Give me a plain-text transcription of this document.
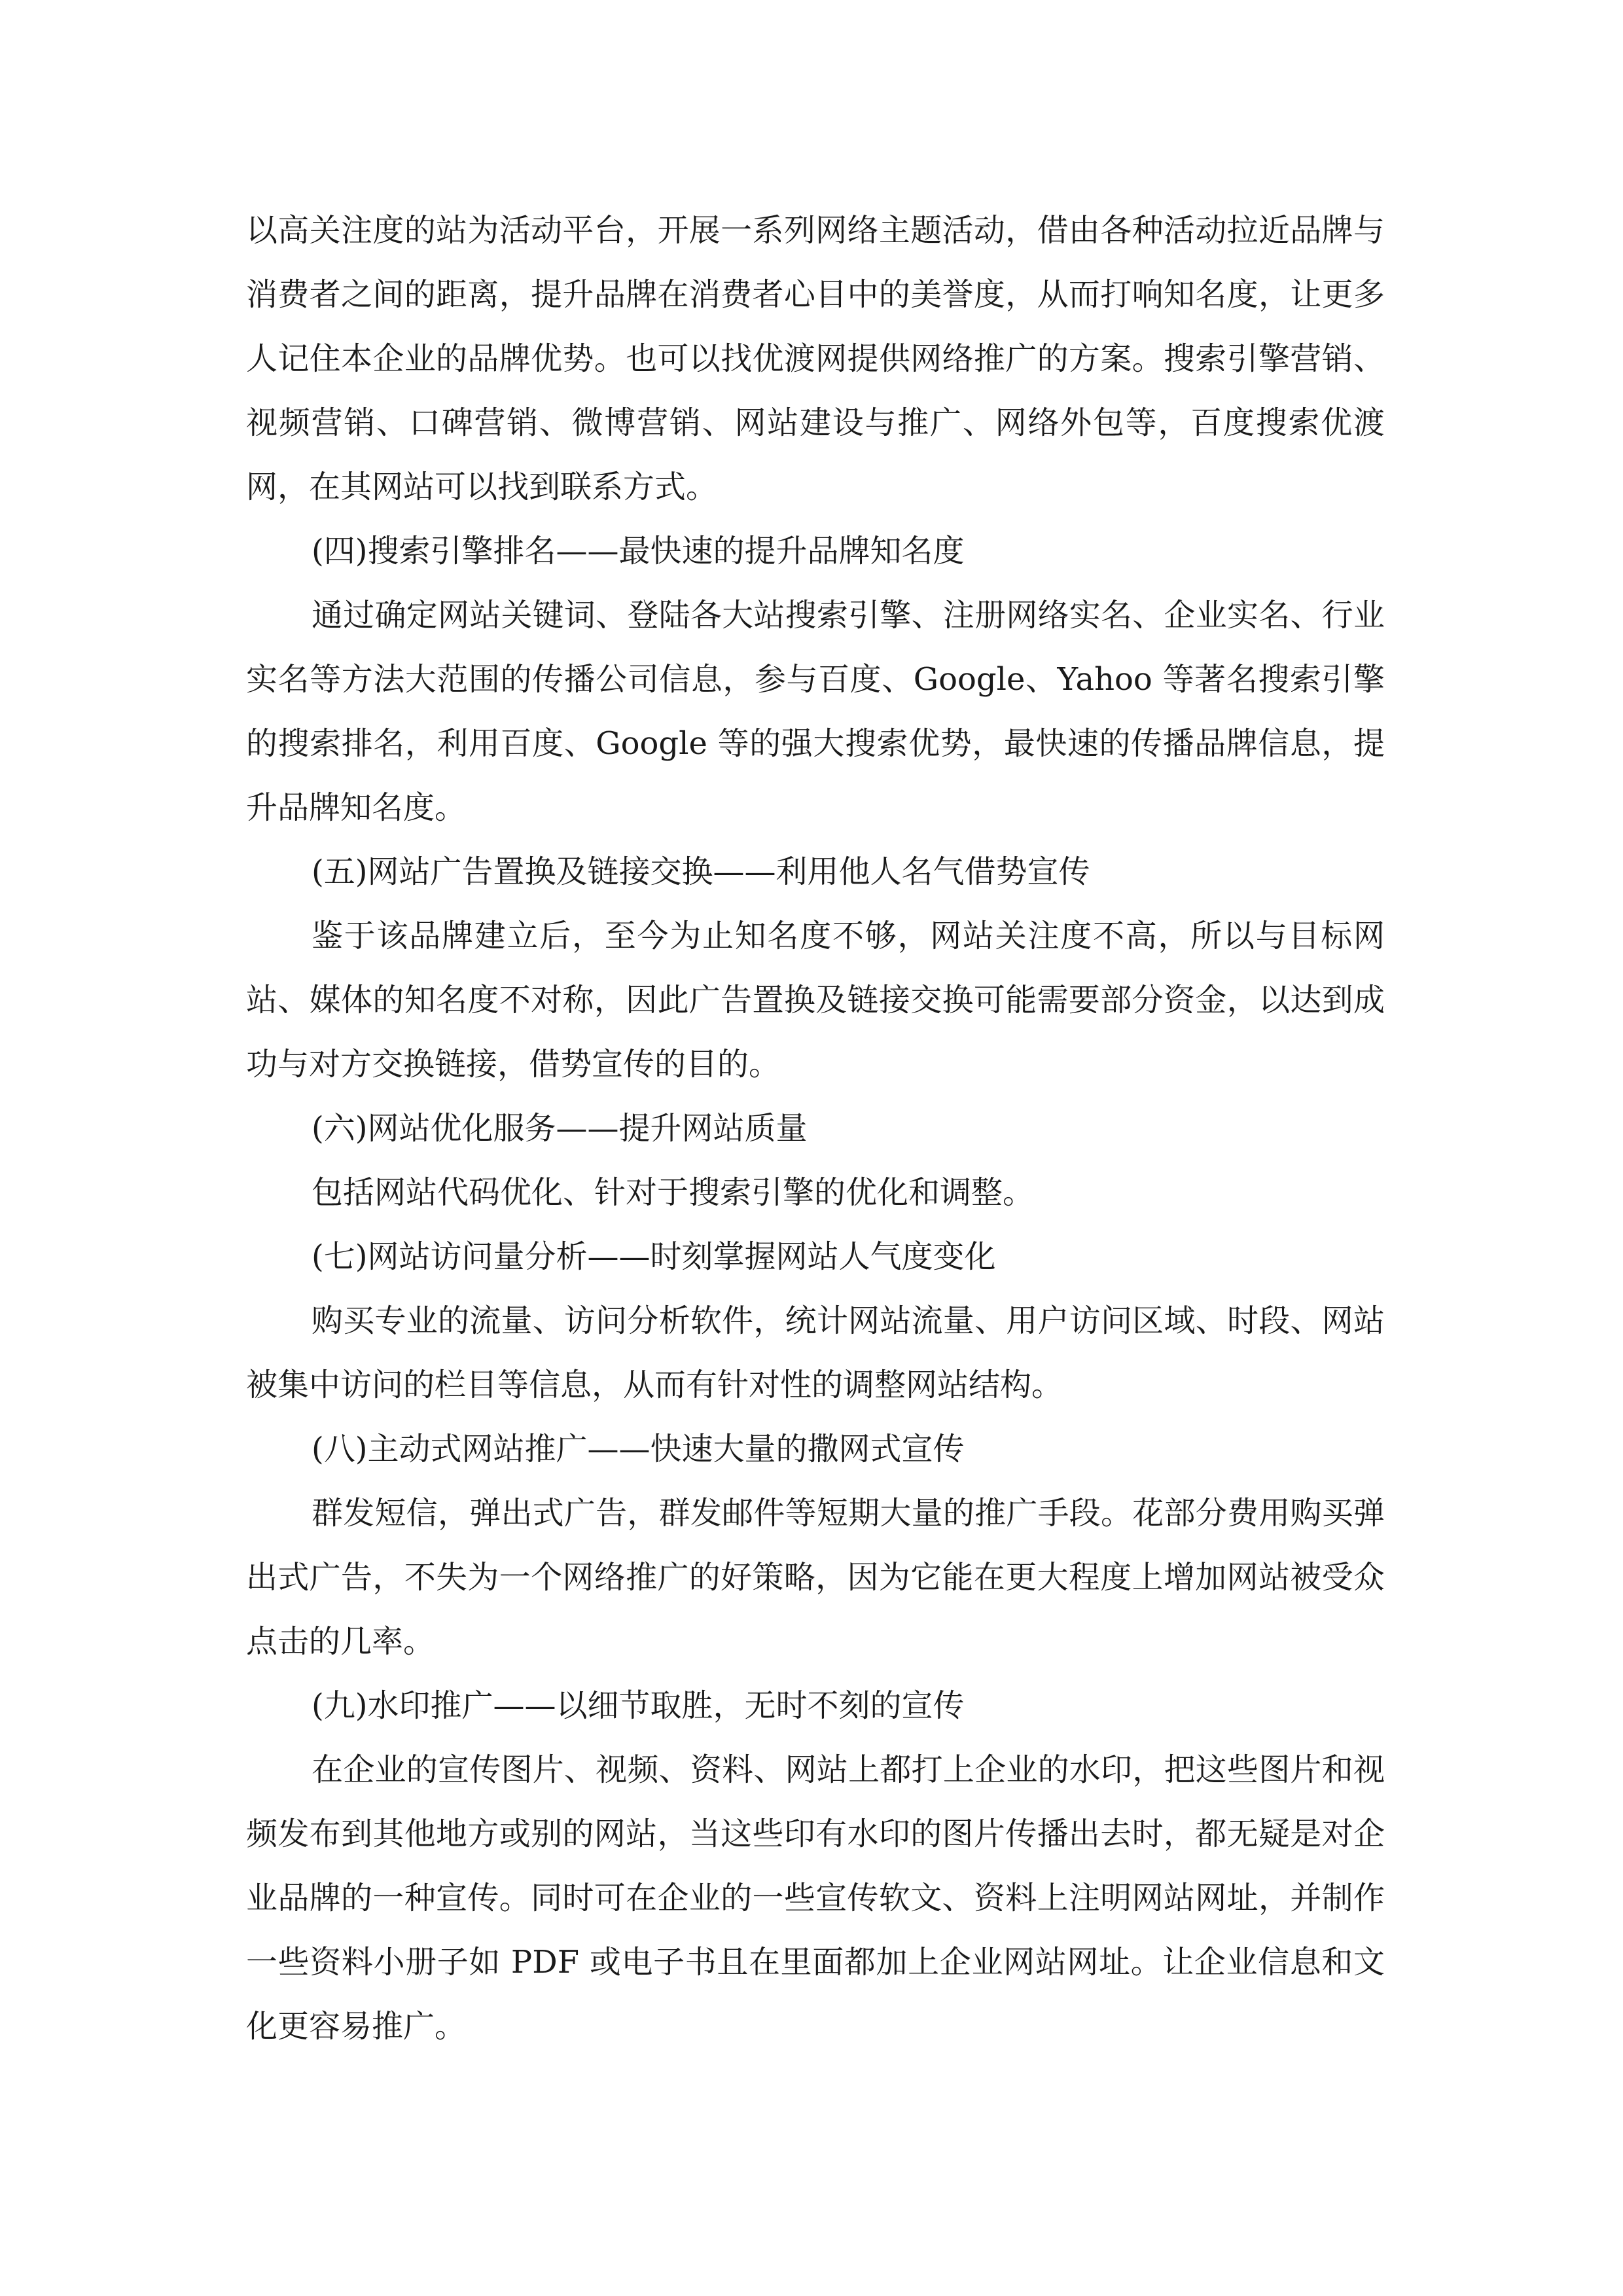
以高关注度的站为活动平台，开展一系列网络主题活动，借由各种活动拉近品牌与消费者之间的距离，提升品牌在消费者心目中的美誉度，从而打响知名度，让更多人记住本企业的品牌优势。也可以找优渡网提供网络推广的方案。搜索引擎营销、视频营销、口碑营销、微博营销、网站建设与推广、网络外包等，百度搜索优渡网，在其网站可以找到联系方式。

(四)搜索引擎排名——最快速的提升品牌知名度

通过确定网站关键词、登陆各大站搜索引擎、注册网络实名、企业实名、行业实名等方法大范围的传播公司信息，参与百度、Google、Yahoo 等著名搜索引擎的搜索排名，利用百度、Google 等的强大搜索优势，最快速的传播品牌信息，提升品牌知名度。

(五)网站广告置换及链接交换——利用他人名气借势宣传

鉴于该品牌建立后，至今为止知名度不够，网站关注度不高，所以与目标网站、媒体的知名度不对称，因此广告置换及链接交换可能需要部分资金，以达到成功与对方交换链接，借势宣传的目的。

(六)网站优化服务——提升网站质量

包括网站代码优化、针对于搜索引擎的优化和调整。

(七)网站访问量分析——时刻掌握网站人气度变化

购买专业的流量、访问分析软件，统计网站流量、用户访问区域、时段、网站被集中访问的栏目等信息，从而有针对性的调整网站结构。

(八)主动式网站推广——快速大量的撒网式宣传

群发短信，弹出式广告，群发邮件等短期大量的推广手段。花部分费用购买弹出式广告，不失为一个网络推广的好策略，因为它能在更大程度上增加网站被受众点击的几率。

(九)水印推广——以细节取胜，无时不刻的宣传

在企业的宣传图片、视频、资料、网站上都打上企业的水印，把这些图片和视频发布到其他地方或别的网站，当这些印有水印的图片传播出去时，都无疑是对企业品牌的一种宣传。同时可在企业的一些宣传软文、资料上注明网站网址，并制作一些资料小册子如 PDF 或电子书且在里面都加上企业网站网址。让企业信息和文化更容易推广。
